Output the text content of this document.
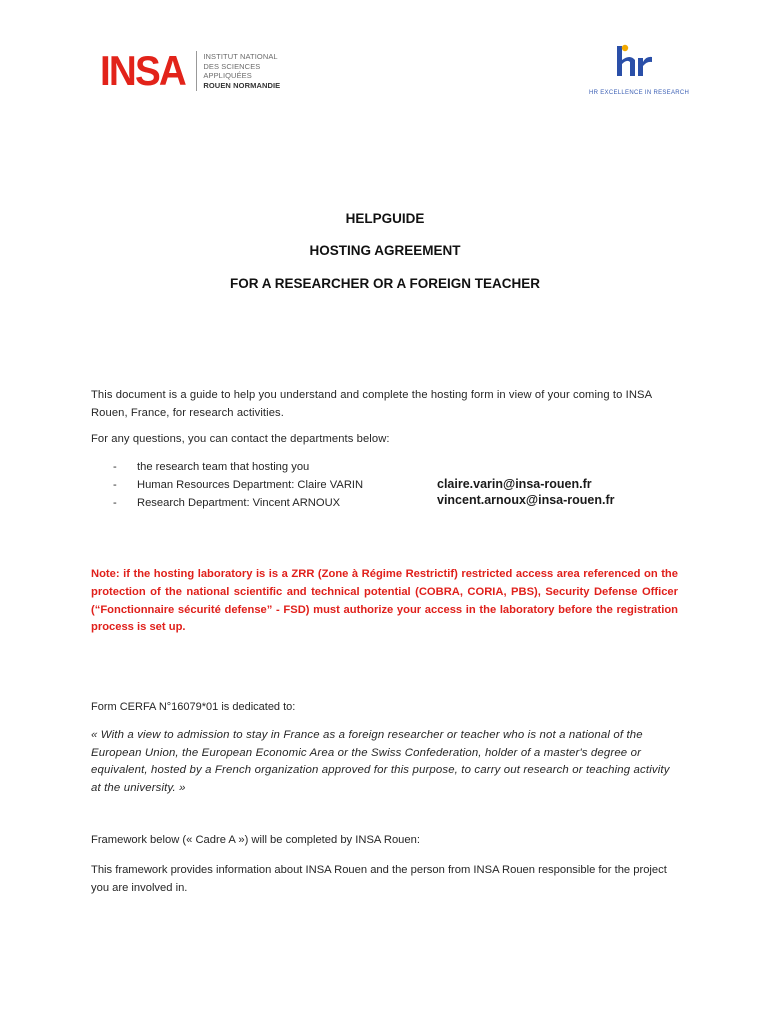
INSA INSTITUT NATIONAL
DES SCIENCES
APPLIQUÉES
ROUEN NORMANDIE
HR EXCELLENCE IN RESEARCH
HELPGUIDE
HOSTING AGREEMENT
FOR A RESEARCHER OR A FOREIGN TEACHER
This document is a guide to help you understand and complete the hosting form in view of your coming to INSA Rouen, France, for research activities.
For any questions, you can contact the departments below:
-	the research team that hosting you
-	Human Resources Department: Claire VARIN
-	Research Department: Vincent ARNOUX
claire.varin@insa-rouen.fr
vincent.arnoux@insa-rouen.fr
Note: if the hosting laboratory is is a ZRR (Zone à Régime Restrictif) restricted access area referenced on the protection of the national scientific and technical potential (COBRA, CORIA, PBS), Security Defense Officer (“Fonctionnaire sécurité defense” - FSD) must authorize your access in the laboratory before the registration process is set up.
Form CERFA N°16079*01 is dedicated to:
« With a view to admission to stay in France as a foreign researcher or teacher who is not a national of the European Union, the European Economic Area or the Swiss Confederation, holder of a master's degree or equivalent, hosted by a French organization approved for this purpose, to carry out research or teaching activity at the university. »
Framework below (« Cadre A ») will be completed by INSA Rouen:
This framework provides information about INSA Rouen and the person from INSA Rouen responsible for the project you are involved in.
